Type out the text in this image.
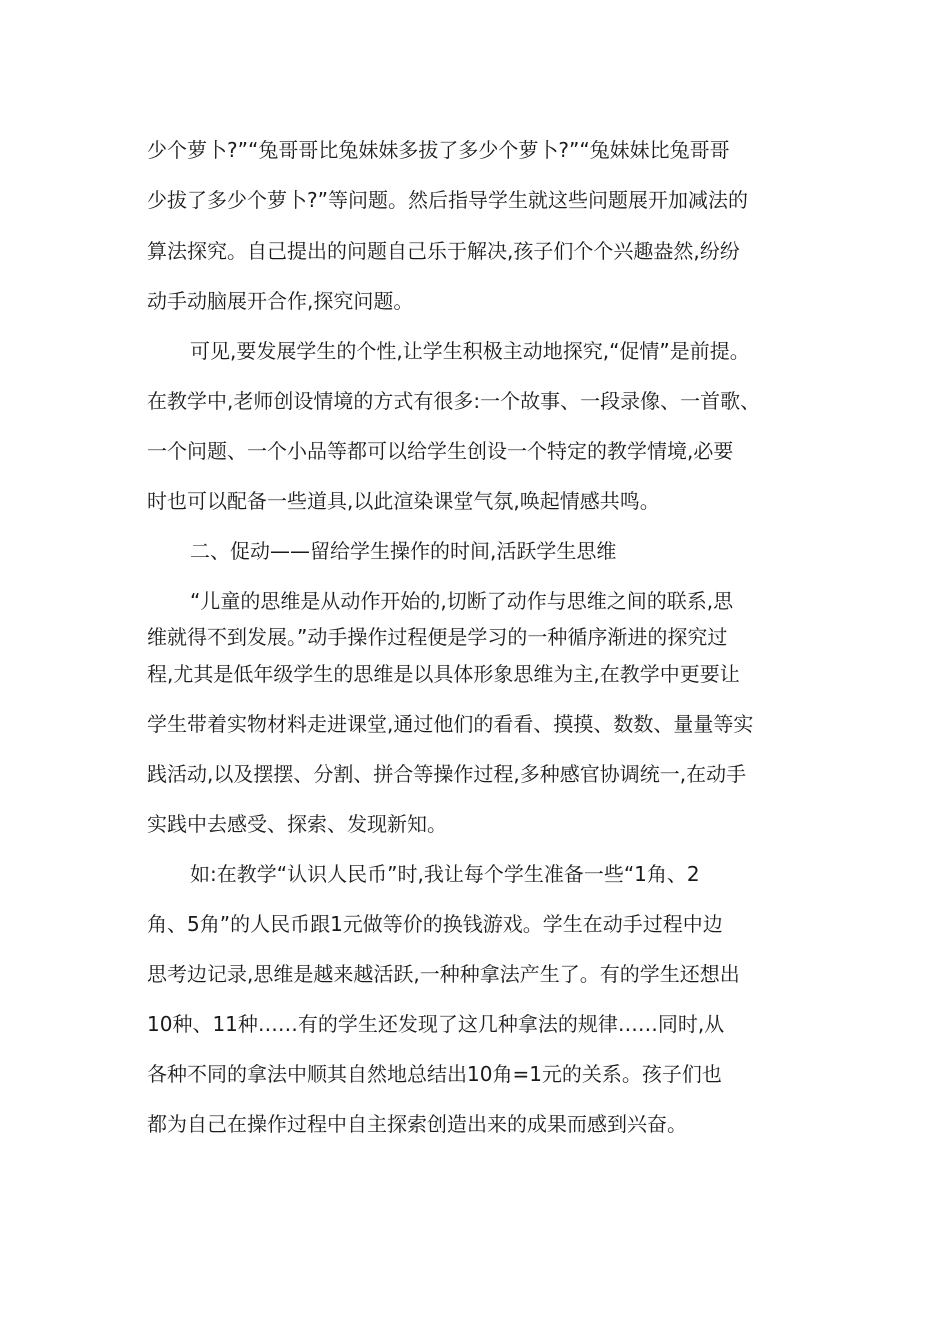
少个萝卜?”“兔哥哥比兔妹妹多拔了多少个萝卜?”“兔妹妹比兔哥哥
少拔了多少个萝卜?”等问题。然后指导学生就这些问题展开加减法的
算法探究。自己提出的问题自己乐于解决,孩子们个个兴趣盎然,纷纷
动手动脑展开合作,探究问题。
可见,要发展学生的个性,让学生积极主动地探究,“促情”是前提。
在教学中,老师创设情境的方式有很多:一个故事、一段录像、一首歌、
一个问题、一个小品等都可以给学生创设一个特定的教学情境,必要
时也可以配备一些道具,以此渲染课堂气氛,唤起情感共鸣。
二、促动——留给学生操作的时间,活跃学生思维
“儿童的思维是从动作开始的,切断了动作与思维之间的联系,思
维就得不到发展。”动手操作过程便是学习的一种循序渐进的探究过
程,尤其是低年级学生的思维是以具体形象思维为主,在教学中更要让
学生带着实物材料走进课堂,通过他们的看看、摸摸、数数、量量等实
践活动,以及摆摆、分割、拼合等操作过程,多种感官协调统一,在动手
实践中去感受、探索、发现新知。
如:在教学“认识人民币”时,我让每个学生准备一些“1角、2
角、5角”的人民币跟1元做等价的换钱游戏。学生在动手过程中边
思考边记录,思维是越来越活跃,一种种拿法产生了。有的学生还想出
10种、11种……有的学生还发现了这几种拿法的规律……同时,从
各种不同的拿法中顺其自然地总结出10角=1元的关系。孩子们也
都为自己在操作过程中自主探索创造出来的成果而感到兴奋。
